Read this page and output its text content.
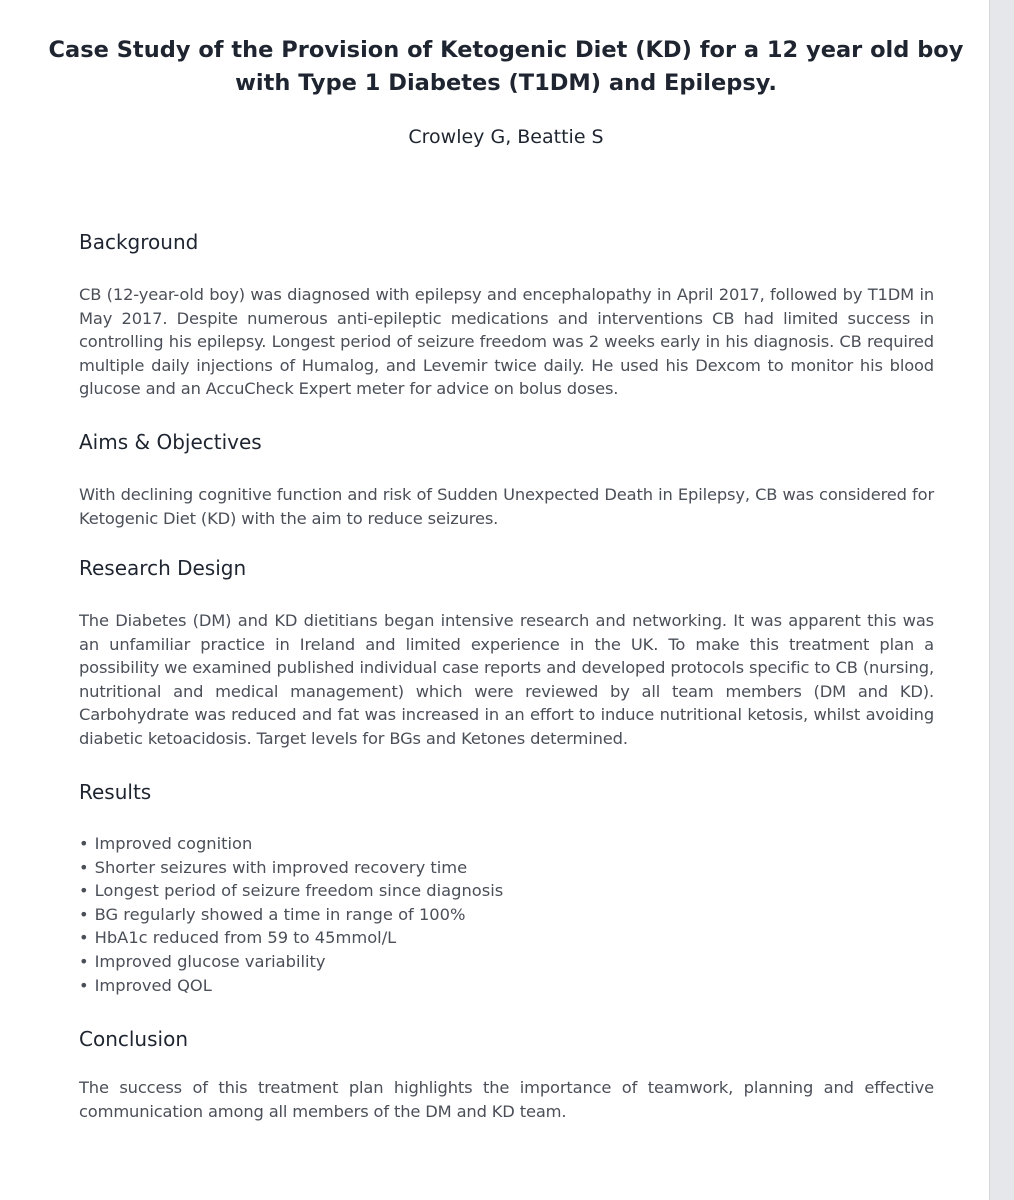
Case Study of the Provision of Ketogenic Diet (KD) for a 12 year old boy with Type 1 Diabetes (T1DM) and Epilepsy.
Crowley G, Beattie S
Background

CB (12-year-old boy) was diagnosed with epilepsy and encephalopathy in April 2017, followed by T1DM in May 2017. Despite numerous anti-epileptic medications and interventions CB had limited success in controlling his epilepsy. Longest period of seizure freedom was 2 weeks early in his diagnosis. CB required multiple daily injections of Humalog, and Levemir twice daily. He used his Dexcom to monitor his blood glucose and an AccuCheck Expert meter for advice on bolus doses.

Aims & Objectives

With declining cognitive function and risk of Sudden Unexpected Death in Epilepsy, CB was considered for Ketogenic Diet (KD) with the aim to reduce seizures.

Research Design

The Diabetes (DM) and KD dietitians began intensive research and networking. It was apparent this was an unfamiliar practice in Ireland and limited experience in the UK. To make this treatment plan a possibility we examined published individual case reports and developed protocols specific to CB (nursing, nutritional and medical management) which were reviewed by all team members (DM and KD). Carbohydrate was reduced and fat was increased in an effort to induce nutritional ketosis, whilst avoiding diabetic ketoacidosis. Target levels for BGs and Ketones determined.

Results
• Improved cognition
• Shorter seizures with improved recovery time
• Longest period of seizure freedom since diagnosis
• BG regularly showed a time in range of 100%
• HbA1c reduced from 59 to 45mmol/L
• Improved glucose variability
• Improved QOL
Conclusion

The success of this treatment plan highlights the importance of teamwork, planning and effective communication among all members of the DM and KD team.
